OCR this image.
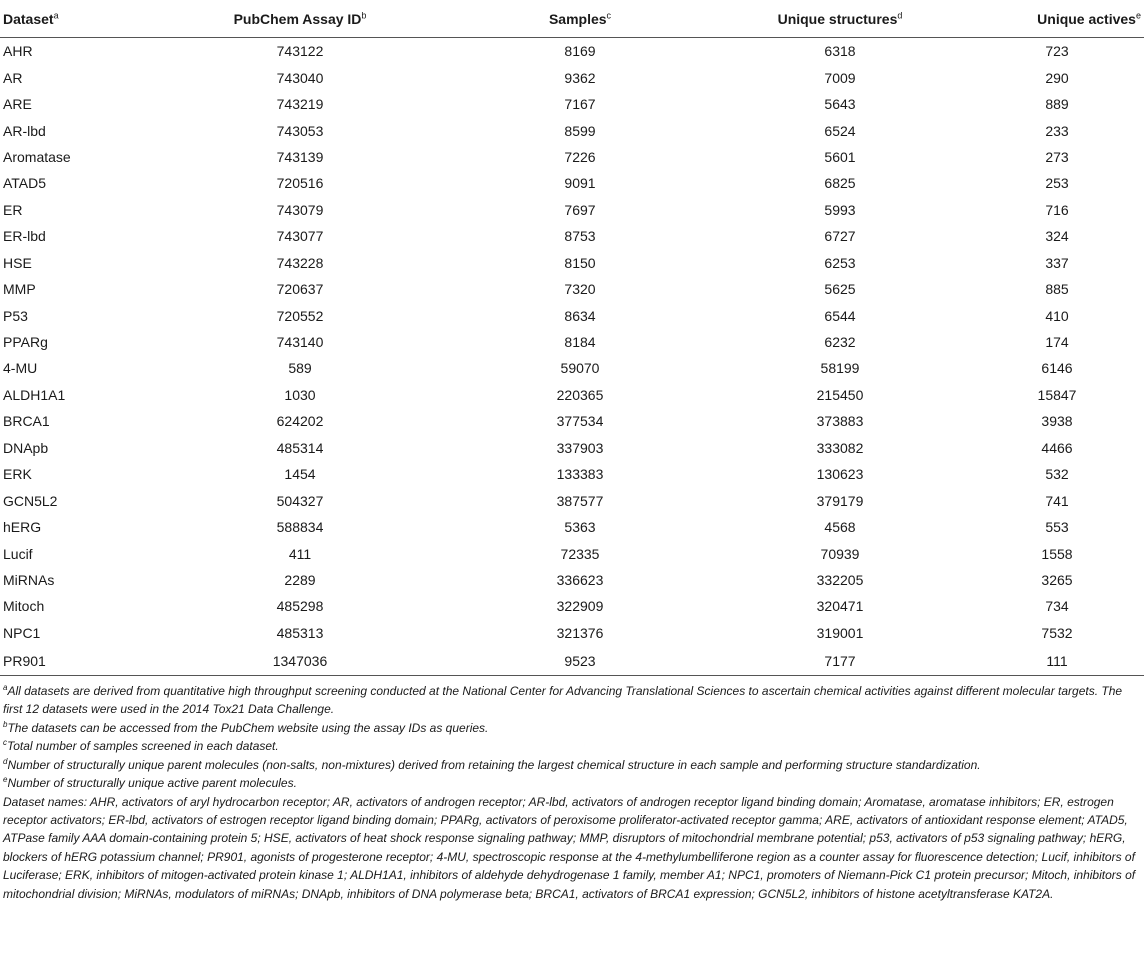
Dataset$^a$	PubChem Assay $ID^b$	Samples$^c$	Unique structures$^d$	Unique actives$^e$
AHR	743122	8169	6318	723
AR	743040	9362	7009	290
ARE	743219	7167	5643	889
AR-lbd	743053	8599	6524	233
Aromatase	743139	7226	5601	273
ATAD5	720516	9091	6825	253
ER	743079	7697	5993	716
ER-lbd	743077	8753	6727	324
HSE	743228	8150	6253	337
MMP	720637	7320	5625	885
P53	720552	8634	6544	410
PPARg	743140	8184	6232	174
4-MU	589	59070	58199	6146
ALDH1A1	1030	220365	215450	15847
BRCA1	624202	377534	373883	3938
DNApb	485314	337903	333082	4466
ERK	1454	133383	130623	532
GCN5L2	504327	387577	379179	741
hERG	588834	5363	4568	553
Lucif	411	72335	70939	1558
MiRNAs	2289	336623	332205	3265
Mitoch	485298	322909	320471	734
NPC1	485313	321376	319001	7532
PR901	1347036	9523	7177	111

$^a$All datasets are derived from quantitative high throughput screening conducted at the National Center for Advancing Translational Sciences to ascertain chemical activities against different molecular targets. The first 12 datasets were used in the 2014 Tox21 Data Challenge.

$^b$The datasets can be accessed from the PubChem website using the assay IDs as queries.

$^c$Total number of samples screened in each dataset.

$^d$Number of structurally unique parent molecules (non-salts, non-mixtures) derived from retaining the largest chemical structure in each sample and performing structure standardization.

$^e$Number of structurally unique active parent molecules.

Dataset names: AHR, activators of aryl hydrocarbon receptor; AR, activators of androgen receptor; AR-lbd, activators of androgen receptor ligand binding domain; Aromatase, aromatase inhibitors; ER, estrogen receptor activators; ER-lbd, activators of estrogen receptor ligand binding domain; PPARg, activators of peroxisome proliferator-activated receptor gamma; ARE, activators of antioxidant response element; ATAD5, ATPase family AAA domain-containing protein 5; HSE, activators of heat shock response signaling pathway; MMP, disruptors of mitochondrial membrane potential; p53, activators of p53 signaling pathway; hERG, blockers of hERG potassium channel; PR901, agonists of progesterone receptor; 4-MU, spectroscopic response at the 4-methylumbelliferone region as a counter assay for fluorescence detection; Lucif, inhibitors of Luciferase; ERK, inhibitors of mitogen-activated protein kinase 1; ALDH1A1, inhibitors of aldehyde dehydrogenase 1 family, member A1; NPC1, promoters of Niemann-Pick C1 protein precursor; Mitoch, inhibitors of mitochondrial division; MiRNAs, modulators of miRNAs; DNApb, inhibitors of DNA polymerase beta; BRCA1, activators of BRCA1 expression; GCN5L2, inhibitors of histone acetyltransferase KAT2A.
